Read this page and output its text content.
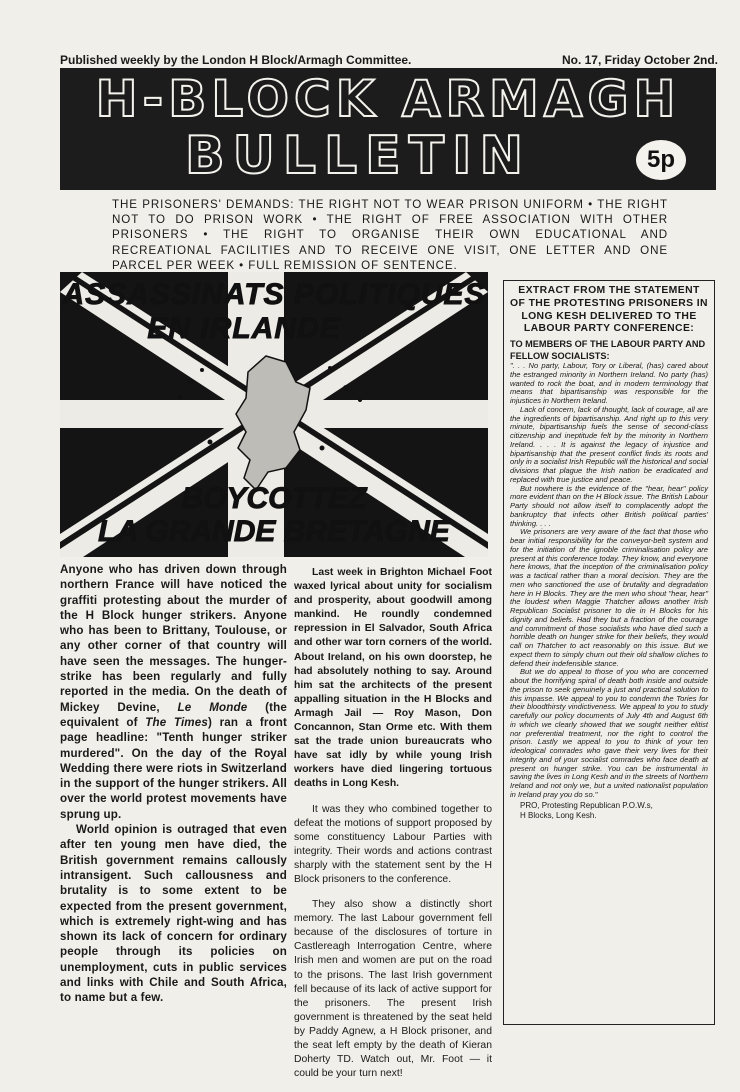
Published weekly by the London H Block/Armagh Committee.	No. 17, Friday October 2nd.
H-BLOCK ARMAGH
BULLETIN	5p
THE PRISONERS' DEMANDS: THE RIGHT NOT TO WEAR PRISON UNIFORM • THE RIGHT NOT TO DO PRISON WORK • THE RIGHT OF FREE ASSOCIATION WITH OTHER PRISONERS • THE RIGHT TO ORGANISE THEIR OWN EDUCATIONAL AND RECREATIONAL FACILITIES AND TO RECEIVE ONE VISIT, ONE LETTER AND ONE PARCEL PER WEEK • FULL REMISSION OF SENTENCE.
ASSASSINATS POLITIQUES
EN IRLANDE
BOYCOTTEZ
LA GRANDE BRETAGNE
EXTRACT FROM THE STATEMENT OF THE PROTESTING PRISONERS IN LONG KESH DELIVERED TO THE LABOUR PARTY CONFERENCE:
TO MEMBERS OF THE LABOUR PARTY AND FELLOW SOCIALISTS:

". . . No party, Labour, Tory or Liberal, (has) cared about the estranged minority in Northern Ireland. No party (has) wanted to rock the boat, and in modern terminology that means that bipartisanship was responsible for the injustices in Northern Ireland.

Lack of concern, lack of thought, lack of courage, all are the ingredients of bipartisanship. And right up to this very minute, bipartisanship fuels the sense of second-class citizenship and ineptitude felt by the minority in Northern Ireland. . . . It is against the legacy of injustice and bipartisanship that the present conflict finds its roots and only in a socialist Irish Republic will the historical and social divisions that plague the Irish nation be eradicated and replaced with true justice and peace.

But nowhere is the evidence of the "hear, hear" policy more evident than on the H Block issue. The British Labour Party should not allow itself to complacently adopt the bankruptcy that infects other British political parties' thinking. . . .

We prisoners are very aware of the fact that those who bear initial responsibility for the conveyor-belt system and for the initiation of the ignoble criminalisation policy are present at this conference today. They know, and everyone here knows, that the inception of the criminalisation policy was a tactical rather than a moral decision. They are the men who sanctioned the use of brutality and degradation here in H Blocks. They are the men who shout "hear, hear" the loudest when Maggie Thatcher allows another Irish Republican Socialist prisoner to die in H Blocks for his dignity and beliefs. Had they but a fraction of the courage and commitment of those socialists who have died such a horrible death on hunger strike for their beliefs, they would call on Thatcher to act reasonably on this issue. But we expect them to simply churn out their old shallow cliches to defend their indefensible stance.

But we do appeal to those of you who are concerned about the horrifying spiral of death both inside and outside the prison to seek genuinely a just and practical solution to this impasse. We appeal to you to condemn the Tories for their bloodthirsty vindictiveness. We appeal to you to study carefully our policy documents of July 4th and August 6th in which we clearly showed that we sought neither elitist nor preferential treatment, nor the right to control the prison. Lastly we appeal to you to think of your ten ideological comrades who gave their very lives for their integrity and of your socialist comrades who face death at present on hunger strike. You can be instrumental in saving the lives in Long Kesh and in the streets of Northern Ireland and not only we, but a united nationalist population in Ireland pray you do so."

PRO, Protesting Republican P.O.W.s,
H Blocks, Long Kesh.

Anyone who has driven down through northern France will have noticed the graffiti protesting about the murder of the H Block hunger strikers. Anyone who has been to Brittany, Toulouse, or any other corner of that country will have seen the messages. The hunger-strike has been regularly and fully reported in the media. On the death of Mickey Devine, Le Monde (the equivalent of The Times) ran a front page headline: "Tenth hunger striker murdered". On the day of the Royal Wedding there were riots in Switzerland in the support of the hunger strikers. All over the world protest movements have sprung up.

World opinion is outraged that even after ten young men have died, the British government remains callously intransigent. Such callousness and brutality is to some extent to be expected from the present government, which is extremely right-wing and has shown its lack of concern for ordinary people through its policies on unemployment, cuts in public services and links with Chile and South Africa, to name but a few.

Last week in Brighton Michael Foot waxed lyrical about unity for socialism and prosperity, about goodwill among mankind. He roundly condemned repression in El Salvador, South Africa and other war torn corners of the world. About Ireland, on his own doorstep, he had absolutely nothing to say. Around him sat the architects of the present appalling situation in the H Blocks and Armagh Jail — Roy Mason, Don Concannon, Stan Orme etc. With them sat the trade union bureaucrats who have sat idly by while young Irish workers have died lingering tortuous deaths in Long Kesh.

It was they who combined together to defeat the motions of support proposed by some constituency Labour Parties with integrity. Their words and actions contrast sharply with the statement sent by the H Block prisoners to the conference.

They also show a distinctly short memory. The last Labour government fell because of the disclosures of torture in Castlereagh Interrogation Centre, where Irish men and women are put on the road to the prisons. The last Irish government fell because of its lack of active support for the prisoners. The present Irish government is threatened by the seat held by Paddy Agnew, a H Block prisoner, and the seat left empty by the death of Kieran Doherty TD. Watch out, Mr. Foot — it could be your turn next!
